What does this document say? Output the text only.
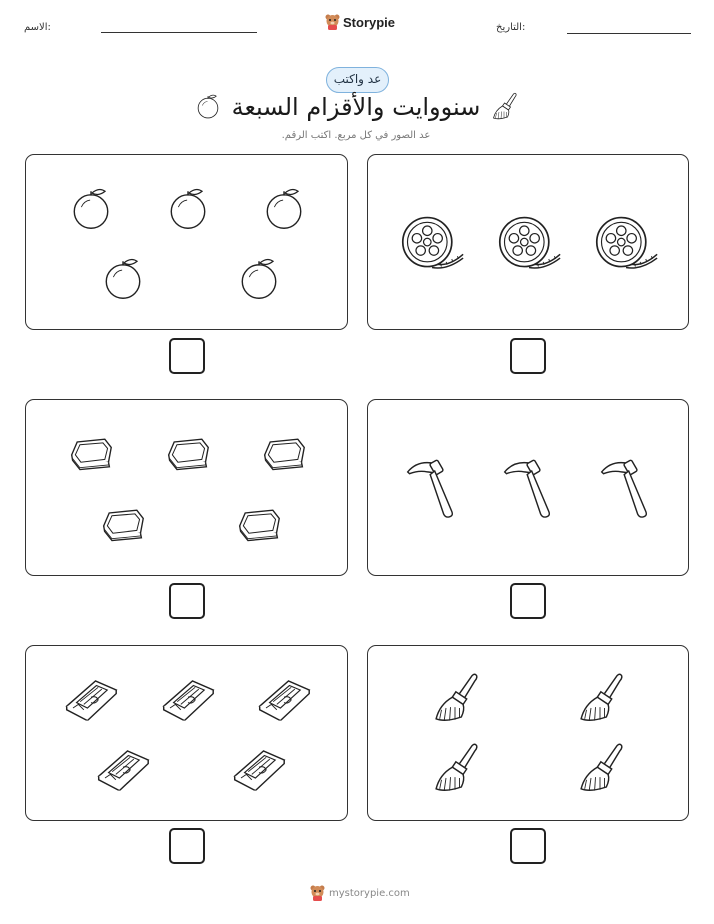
الاسم:	Storypie	التاريخ:
عد واكتب
سنووايت والأقزام السبعة
عد الصور في كل مربع. اكتب الرقم.
mystorypie.com
